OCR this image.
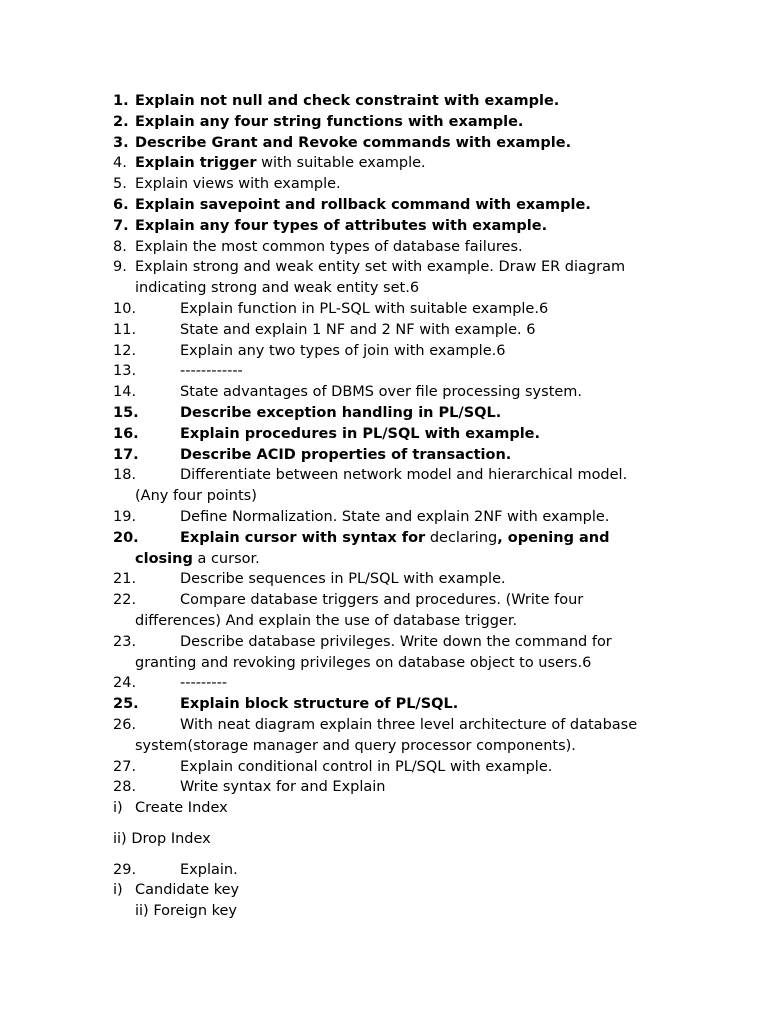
1. Explain not null and check constraint with example.
2. Explain any four string functions with example.
3. Describe Grant and Revoke commands with example.
4. Explain trigger with suitable example.
5. Explain views with example.
6. Explain savepoint and rollback command with example.
7. Explain any four types of attributes with example.
8. Explain the most common types of database failures.
9. Explain strong and weak entity set with example. Draw ER diagram
indicating strong and weak entity set.6
10.	Explain function in PL-SQL with suitable example.6
11.	State and explain 1 NF and 2 NF with example. 6
12.	Explain any two types of join with example.6
13.	------------
14.	State advantages of DBMS over file processing system.
15.	Describe exception handling in PL/SQL.
16.	Explain procedures in PL/SQL with example.
17.	Describe ACID properties of transaction.
18.	Differentiate between network model and hierarchical model.
(Any four points)
19.	Define Normalization. State and explain 2NF with example.
20.	Explain cursor with syntax for declaring, opening and
closing a cursor.
21.	Describe sequences in PL/SQL with example.
22.	Compare database triggers and procedures. (Write four
differences) And explain the use of database trigger.
23.	Describe database privileges. Write down the command for
granting and revoking privileges on database object to users.6
24.	---------
25.	Explain block structure of PL/SQL.
26.	With neat diagram explain three level architecture of database
system(storage manager and query processor components).
27.	Explain conditional control in PL/SQL with example.
28.	Write syntax for and Explain
i) Create Index
ii) Drop Index
29.	Explain.
i) Candidate key
ii) Foreign key
